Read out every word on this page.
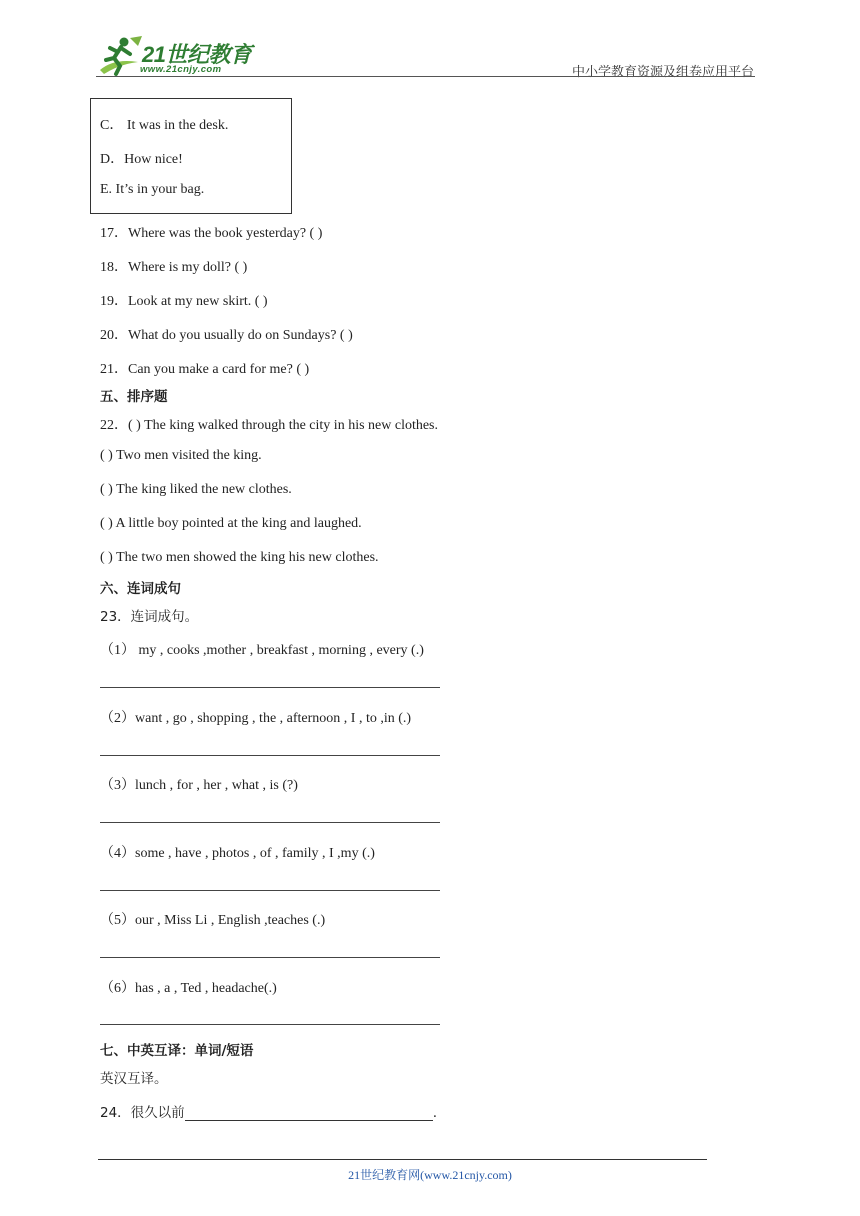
21世纪教育
www.21cnjy.com	中小学教育资源及组卷应用平台
C． It was in the desk.
D．How nice!
E. It’s in your bag.
17．Where was the book yesterday? ( )
18．Where is my doll? ( )
19．Look at my new skirt. ( )
20．What do you usually do on Sundays? ( )
21．Can you make a card for me? ( )
五、排序题
22．( ) The king walked through the city in his new clothes.
( ) Two men visited the king.
( ) The king liked the new clothes.
( ) A little boy pointed at the king and laughed.
( ) The two men showed the king his new clothes.
六、连词成句
23．连词成句。
（1） my , cooks ,mother , breakfast , morning , every (.)
（2）want , go , shopping , the , afternoon , I , to ,in (.)
（3）lunch , for , her , what , is (?)
（4）some , have , photos , of , family , I ,my (.)
（5）our , Miss Li , English ,teaches (.)
（6）has , a , Ted , headache(.)
七、中英互译：单词/短语
英汉互译。
24．很久以前	.
21世纪教育网(www.21cnjy.com)
